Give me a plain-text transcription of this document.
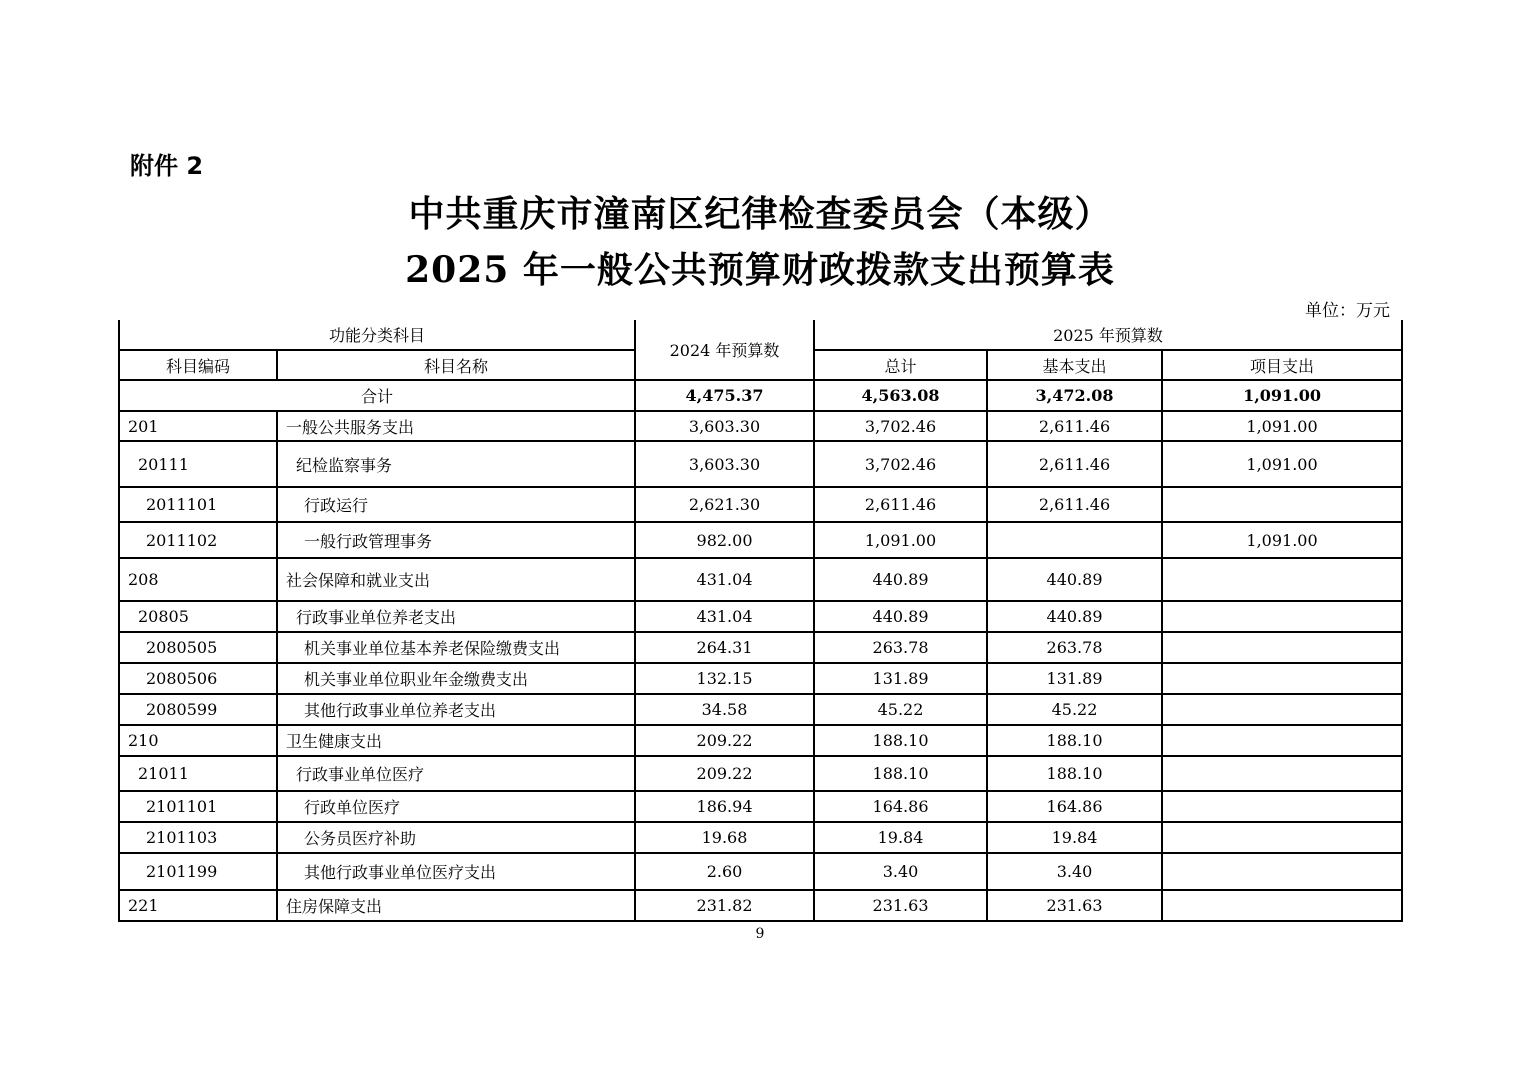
附件 2
中共重庆市潼南区纪律检查委员会（本级）
2025 年一般公共预算财政拨款支出预算表
单位：万元
功能分类科目		2024 年预算数	2025 年预算数		
科目编码	科目名称		总计	基本支出	项目支出
合计		4,475.37	4,563.08	3,472.08	1,091.00
201	一般公共服务支出	3,603.30	3,702.46	2,611.46	1,091.00
20111	纪检监察事务	3,603.30	3,702.46	2,611.46	1,091.00
2011101	行政运行	2,621.30	2,611.46	2,611.46	
2011102	一般行政管理事务	982.00	1,091.00		1,091.00
208	社会保障和就业支出	431.04	440.89	440.89	
20805	行政事业单位养老支出	431.04	440.89	440.89	
2080505	机关事业单位基本养老保险缴费支出	264.31	263.78	263.78	
2080506	机关事业单位职业年金缴费支出	132.15	131.89	131.89	
2080599	其他行政事业单位养老支出	34.58	45.22	45.22	
210	卫生健康支出	209.22	188.10	188.10	
21011	行政事业单位医疗	209.22	188.10	188.10	
2101101	行政单位医疗	186.94	164.86	164.86	
2101103	公务员医疗补助	19.68	19.84	19.84	
2101199	其他行政事业单位医疗支出	2.60	3.40	3.40	
221	住房保障支出	231.82	231.63	231.63	
9
